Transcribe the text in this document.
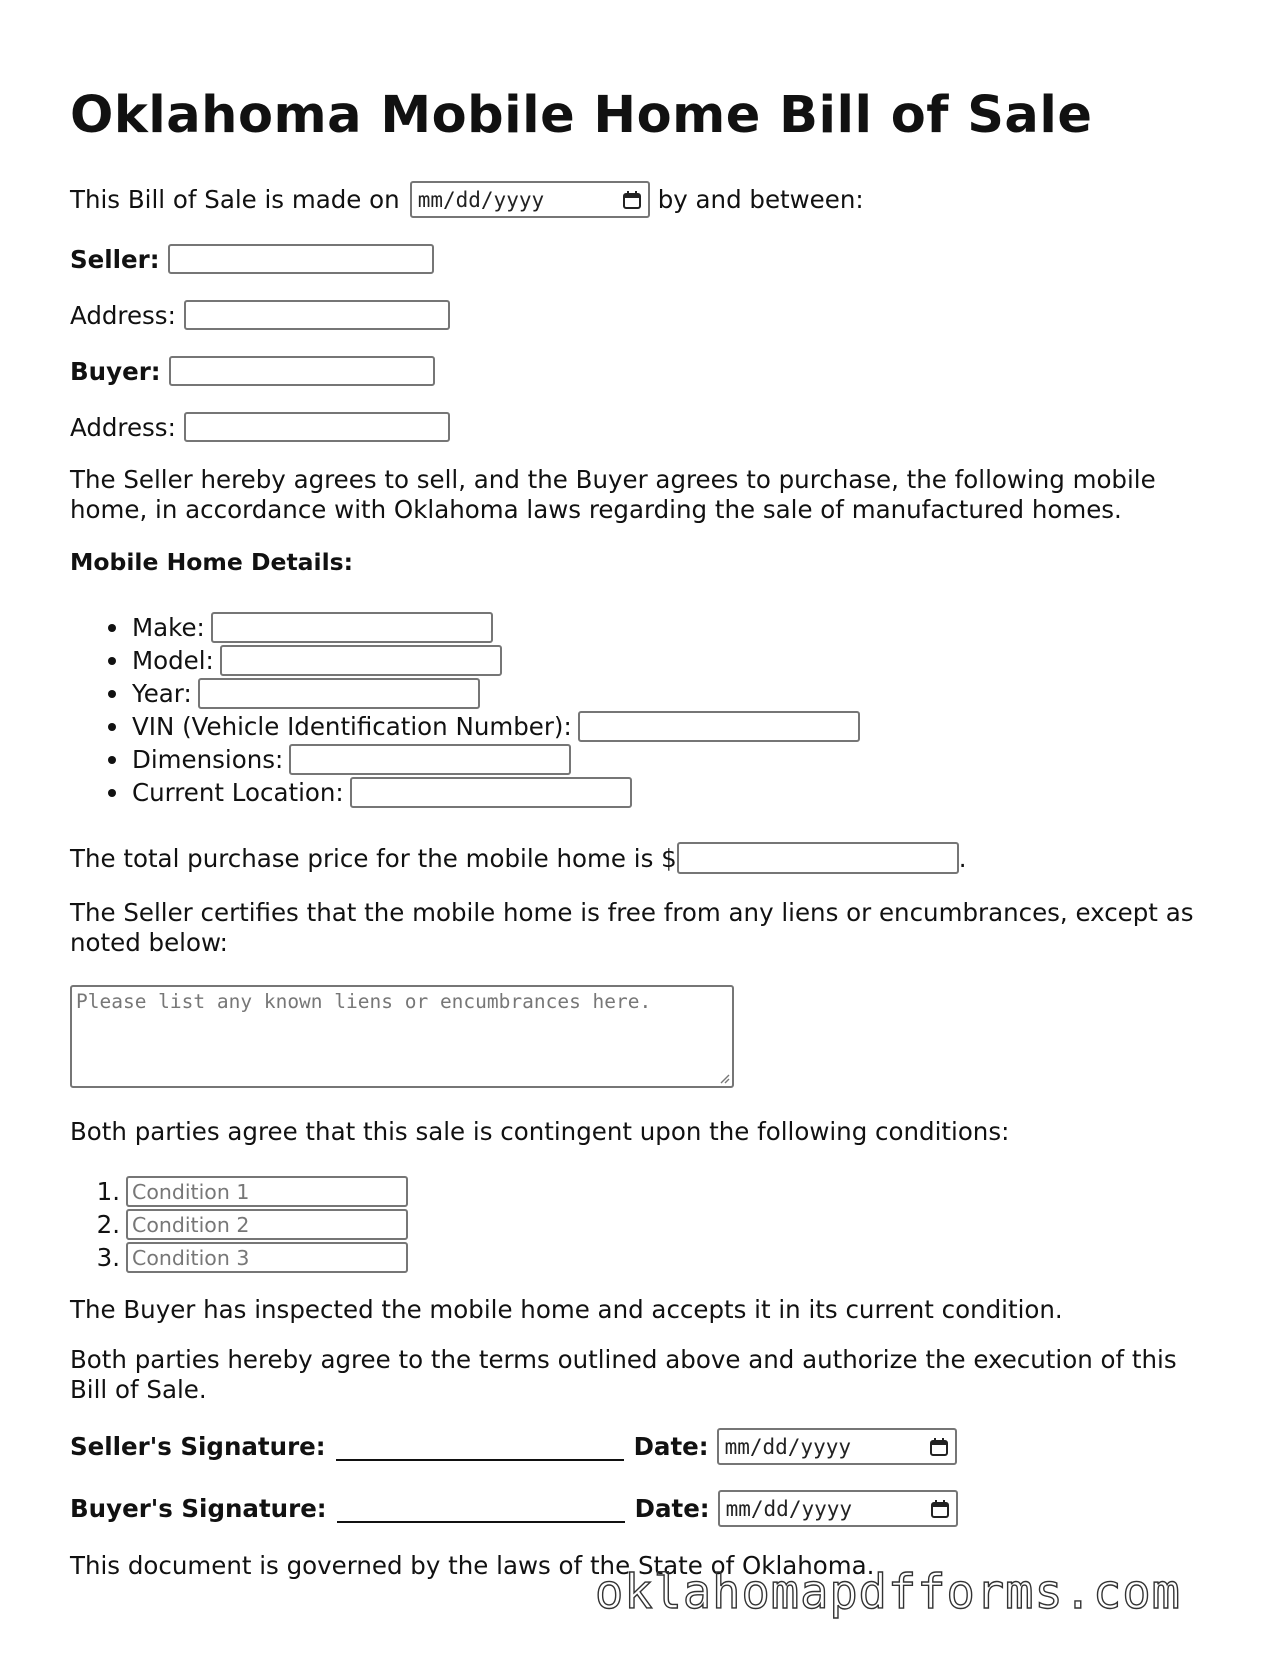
Oklahoma Mobile Home Bill of Sale
This Bill of Sale is made on mm/dd/yyyy	by and between:
Seller:
Address:
Buyer:
Address:
The Seller hereby agrees to sell, and the Buyer agrees to purchase, the following mobile home, in accordance with Oklahoma laws regarding the sale of manufactured homes.
Mobile Home Details:
Make:
Model:
Year:
VIN (Vehicle Identification Number):
Dimensions:
Current Location:
The total purchase price for the mobile home is $	.
The Seller certifies that the mobile home is free from any liens or encumbrances, except as noted below:
Please list any known liens or encumbrances here.
Both parties agree that this sale is contingent upon the following conditions:
1. Condition 1
2. Condition 2
3. Condition 3
The Buyer has inspected the mobile home and accepts it in its current condition.
Both parties hereby agree to the terms outlined above and authorize the execution of this Bill of Sale.
Seller's Signature:	Date: mm/dd/yyyy
Buyer's Signature:	Date: mm/dd/yyyy
This document is governed by the laws of the State of Oklahoma.
oklahomapdfforms.com
